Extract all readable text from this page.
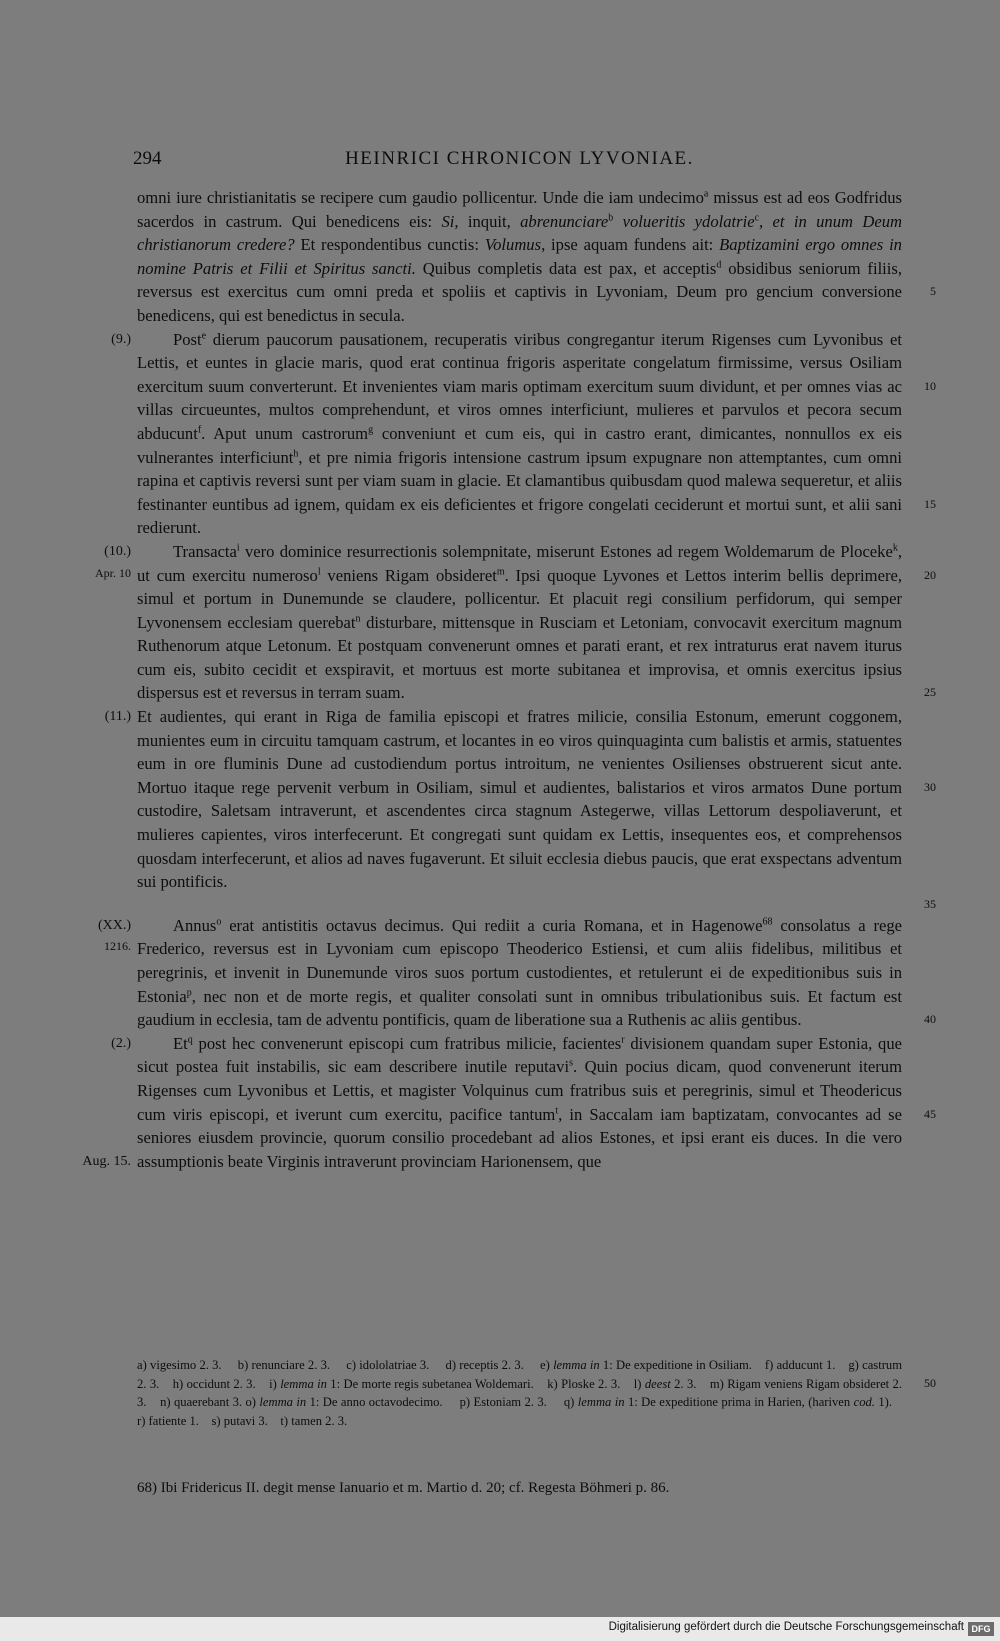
294	HEINRICI CHRONICON LYVONIAE.

omni iure christianitatis se recipere cum gaudio pollicentur. Unde die iam undecimo$^a$ missus est ad eos Godfridus sacerdos in castrum. Qui benedicens eis: Si, inquit, abrenunciare$^b$ volueritis ydolatrie$^c$, et in unum Deum christianorum credere? Et respondentibus cunctis: Volumus, ipse aquam fundens ait: Baptizamini ergo omnes in nomine Patris et Filii et Spiritus sancti. Quibus completis data est pax, et acceptis$^d$ obsidibus seniorum filiis, reversus est exercitus cum omni preda et spoliis et captivis in Lyvoniam, Deum pro gencium conversione benedicens, qui est benedictus in secula.
5

(9.)	Post$^e$ dierum paucorum pausationem, recuperatis viribus congregantur iterum Rigenses cum Lyvonibus et Lettis, et euntes in glacie maris, quod erat continua frigoris asperitate congelatum firmissime, versus Osiliam exercitum suum converterunt. Et invenientes viam maris optimam exercitum suum dividunt, et per omnes vias ac villas circueuntes, multos comprehendunt, et viros omnes interficiunt, mulieres et parvulos et pecora secum abducunt$^f$. Aput unum castrorum$^g$ conveniunt et cum eis, qui in castro erant, dimicantes, nonnullos ex eis vulnerantes interficiunt$^h$, et pre nimia frigoris intensione castrum ipsum expugnare non attemptantes, cum omni rapina et captivis reversi sunt per viam suam in glacie. Et clamantibus quibusdam quod malewa sequeretur, et aliis festinanter euntibus ad ignem, quidam ex eis deficientes et frigore congelati ceciderunt et mortui sunt, et alii sani redierunt.
10
15

(10.)
Apr. 10
Transacta$^i$ vero dominice resurrectionis solempnitate, miserunt Estones ad regem Woldemarum de Ploceke$^k$, ut cum exercitu numeroso$^l$ veniens Rigam obsideret$^m$. Ipsi quoque Lyvones et Lettos interim bellis deprimere, simul et portum in Dunemunde se claudere, pollicentur. Et placuit regi consilium perfidorum, qui semper Lyvonensem ecclesiam querebat$^n$ disturbare, mittensque in Rusciam et Letoniam, convocavit exercitum magnum Ruthenorum atque Letonum. Et postquam convenerunt omnes et parati erant, et rex intraturus erat navem iturus cum eis, subito cecidit et exspiravit, et mortuus est morte subitanea et improvisa, et omnis exercitus ipsius dispersus est et reversus in terram suam.
20
25

(11.) Et audientes, qui erant in Riga de familia episcopi et fratres milicie, consilia Estonum, emerunt coggonem, munientes eum in circuitu tamquam castrum, et locantes in eo viros quinquaginta cum balistis et armis, statuentes eum in ore fluminis Dune ad custodiendum portus introitum, ne venientes Osilienses obstruerent sicut ante. Mortuo itaque rege pervenit verbum in Osiliam, simul et audientes, balistarios et viros armatos Dune portum custodire, Saletsam intraverunt, et ascendentes circa stagnum Astegerwe, villas Lettorum despoliaverunt, et mulieres capientes, viros interfecerunt. Et congregati sunt quidam ex Lettis, insequentes eos, et comprehensos quosdam interfecerunt, et alios ad naves fugaverunt. Et siluit ecclesia diebus paucis, que erat exspectans adventum sui pontificis.
30
35

(XX.)
1216.
Annus$^o$ erat antistitis octavus decimus. Qui rediit a curia Romana, et in Hagenowe$^{68}$ consolatus a rege Frederico, reversus est in Lyvoniam cum episcopo Theoderico Estiensi, et cum aliis fidelibus, militibus et peregrinis, et invenit in Dunemunde viros suos portum custodientes, et retulerunt ei de expeditionibus suis in Estonia$^p$, nec non et de morte regis, et qualiter consolati sunt in omnibus tribulationibus suis. Et factum est gaudium in ecclesia, tam de adventu pontificis, quam de liberatione sua a Ruthenis ac aliis gentibus.	40

(2.)
Aug. 15.
Et$^q$ post hec convenerunt episcopi cum fratribus milicie, facientes$^r$ divisionem quandam super Estonia, que sicut postea fuit instabilis, sic eam describere inutile reputavi$^s$. Quin pocius dicam, quod convenerunt iterum Rigenses cum Lyvonibus et Lettis, et magister Volquinus cum fratribus suis et peregrinis, simul et Theodericus cum viris episcopi, et iverunt cum exercitu, pacifice tantum$^t$, in Saccalam iam baptizatam, convocantes ad se seniores eiusdem provincie, quorum consilio procedebant ad alios Estones, et ipsi erant eis duces. In die vero assumptionis beate Virginis intraverunt provinciam Harionensem, que
45

a) vigesimo 2. 3.     b) renunciare 2. 3.     c) idololatriae 3.     d) receptis 2. 3.     e) lemma in 1: De expeditione in Osiliam.    f) adducunt 1.    g) castrum 2. 3.    h) occidunt 2. 3.    i) lemma in 1: De morte regis subetanea Woldemari.    k) Ploske 2. 3.    l) deest 2. 3.    m) Rigam veniens Rigam obsideret 2. 3.    n) quaerebant 3. o) lemma in 1: De anno octavodecimo.     p) Estoniam 2. 3.     q) lemma in 1: De expeditione prima in Harien, (hariven cod. 1).    r) fatiente 1.    s) putavi 3.    t) tamen 2. 3.
50
68) Ibi Fridericus II. degit mense Ianuario et m. Martio d. 20; cf. Regesta Böhmeri p. 86.
Digitalisierung gefördert durch die Deutsche Forschungsgemeinschaft DFG
